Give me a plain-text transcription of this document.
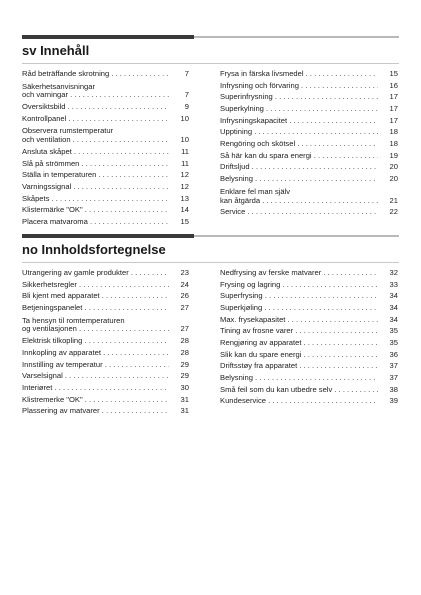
sv Innehåll
Råd beträffande skrotning . . .	7
Säkerhetsanvisningar
och varningar . . .	7
Översiktsbild . . .	9
Kontrollpanel . . .	10
Observera rumstemperatur
och ventilation . . .	10
Ansluta skåpet . . .	11
Slå på strömmen . . .	11
Ställa in temperaturen . . .	12
Varningssignal . . .	12
Skåpets . . .	13
Klistermärke "OK" . . .	14
Placera matvaroma . . .	15
Frysa in färska livsmedel . . .	15
Infrysning och förvaring . . .	16
Superinfrysning . . .	17
Superkylning . . .	17
Infrysningskapacitet . . .	17
Upptining . . .	18
Rengöring och skötsel . . .	18
Så här kan du spara energi . . .	19
Driftsljud . . .	20
Belysning . . .	20
Enklare fel man själv
kan åtgärda . . .	21
Service . . .	22
no Innholdsfortegnelse
Utrangering av gamle produkter . . .	23
Sikkerhetsregler . . .	24
Bli kjent med apparatet . . .	26
Betjeningspanelet . . .	27
Ta hensyn til romtemperaturen
og ventilasjonen . . .	27
Elektrisk tilkopling . . .	28
Innkopling av apparatet . . .	28
Innstilling av temperatur . . .	29
Varselsignal . . .	29
Interiøret . . .	30
Klistremerke "OK" . . .	31
Plassering av matvarer . . .	31
Nedfrysing av ferske matvarer . . .	32
Frysing og lagring . . .	33
Superfrysing . . .	34
Superkjøling . . .	34
Max. frysekapasitet . . .	34
Tining av frosne varer . . .	35
Rengjøring av apparatet . . .	35
Slik kan du spare energi . . .	36
Driftsstøy fra apparatet . . .	37
Belysning . . .	37
Små feil som du kan utbedre selv . . .	38
Kundeservice . . .	39
